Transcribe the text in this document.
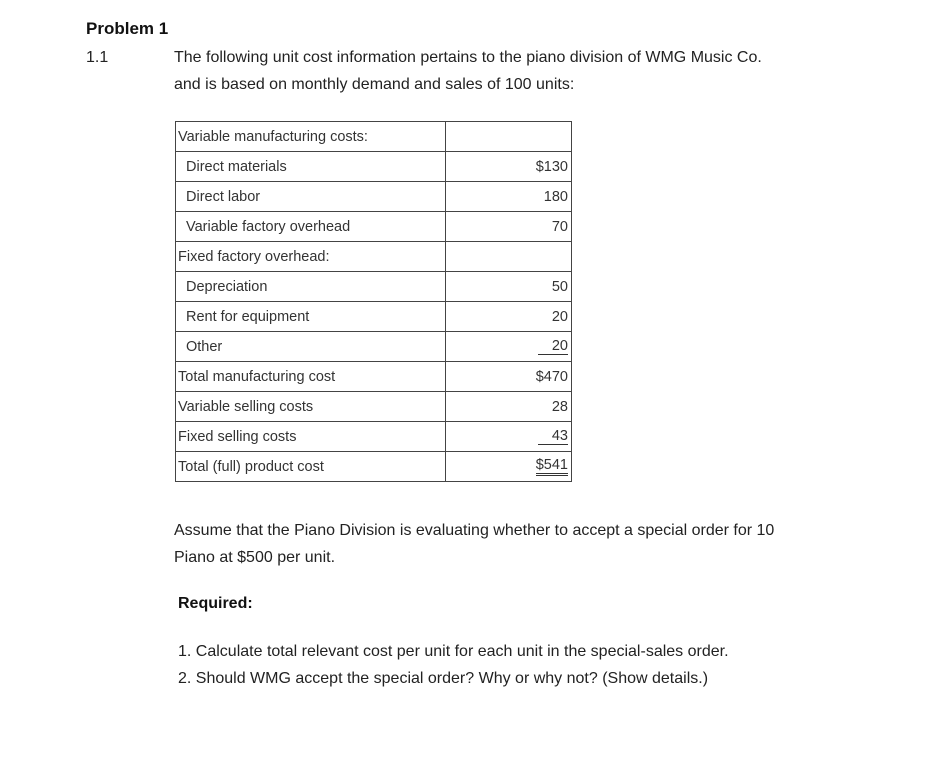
Problem 1
1.1	The following unit cost information pertains to the piano division of WMG Music Co.

and is based on monthly demand and sales of 100 units:

Variable manufacturing costs:	
Direct materials	$130
Direct labor	180
Variable factory overhead	70
Fixed factory overhead:	
Depreciation	50
Rent for equipment	20
Other	20
Total manufacturing cost	$470
Variable selling costs	28
Fixed selling costs	43
Total (full) product cost	$541

Assume that the Piano Division is evaluating whether to accept a special order for 10

Piano at $500 per unit.

Required:
1. Calculate total relevant cost per unit for each unit in the special-sales order.
2. Should WMG accept the special order? Why or why not? (Show details.)
